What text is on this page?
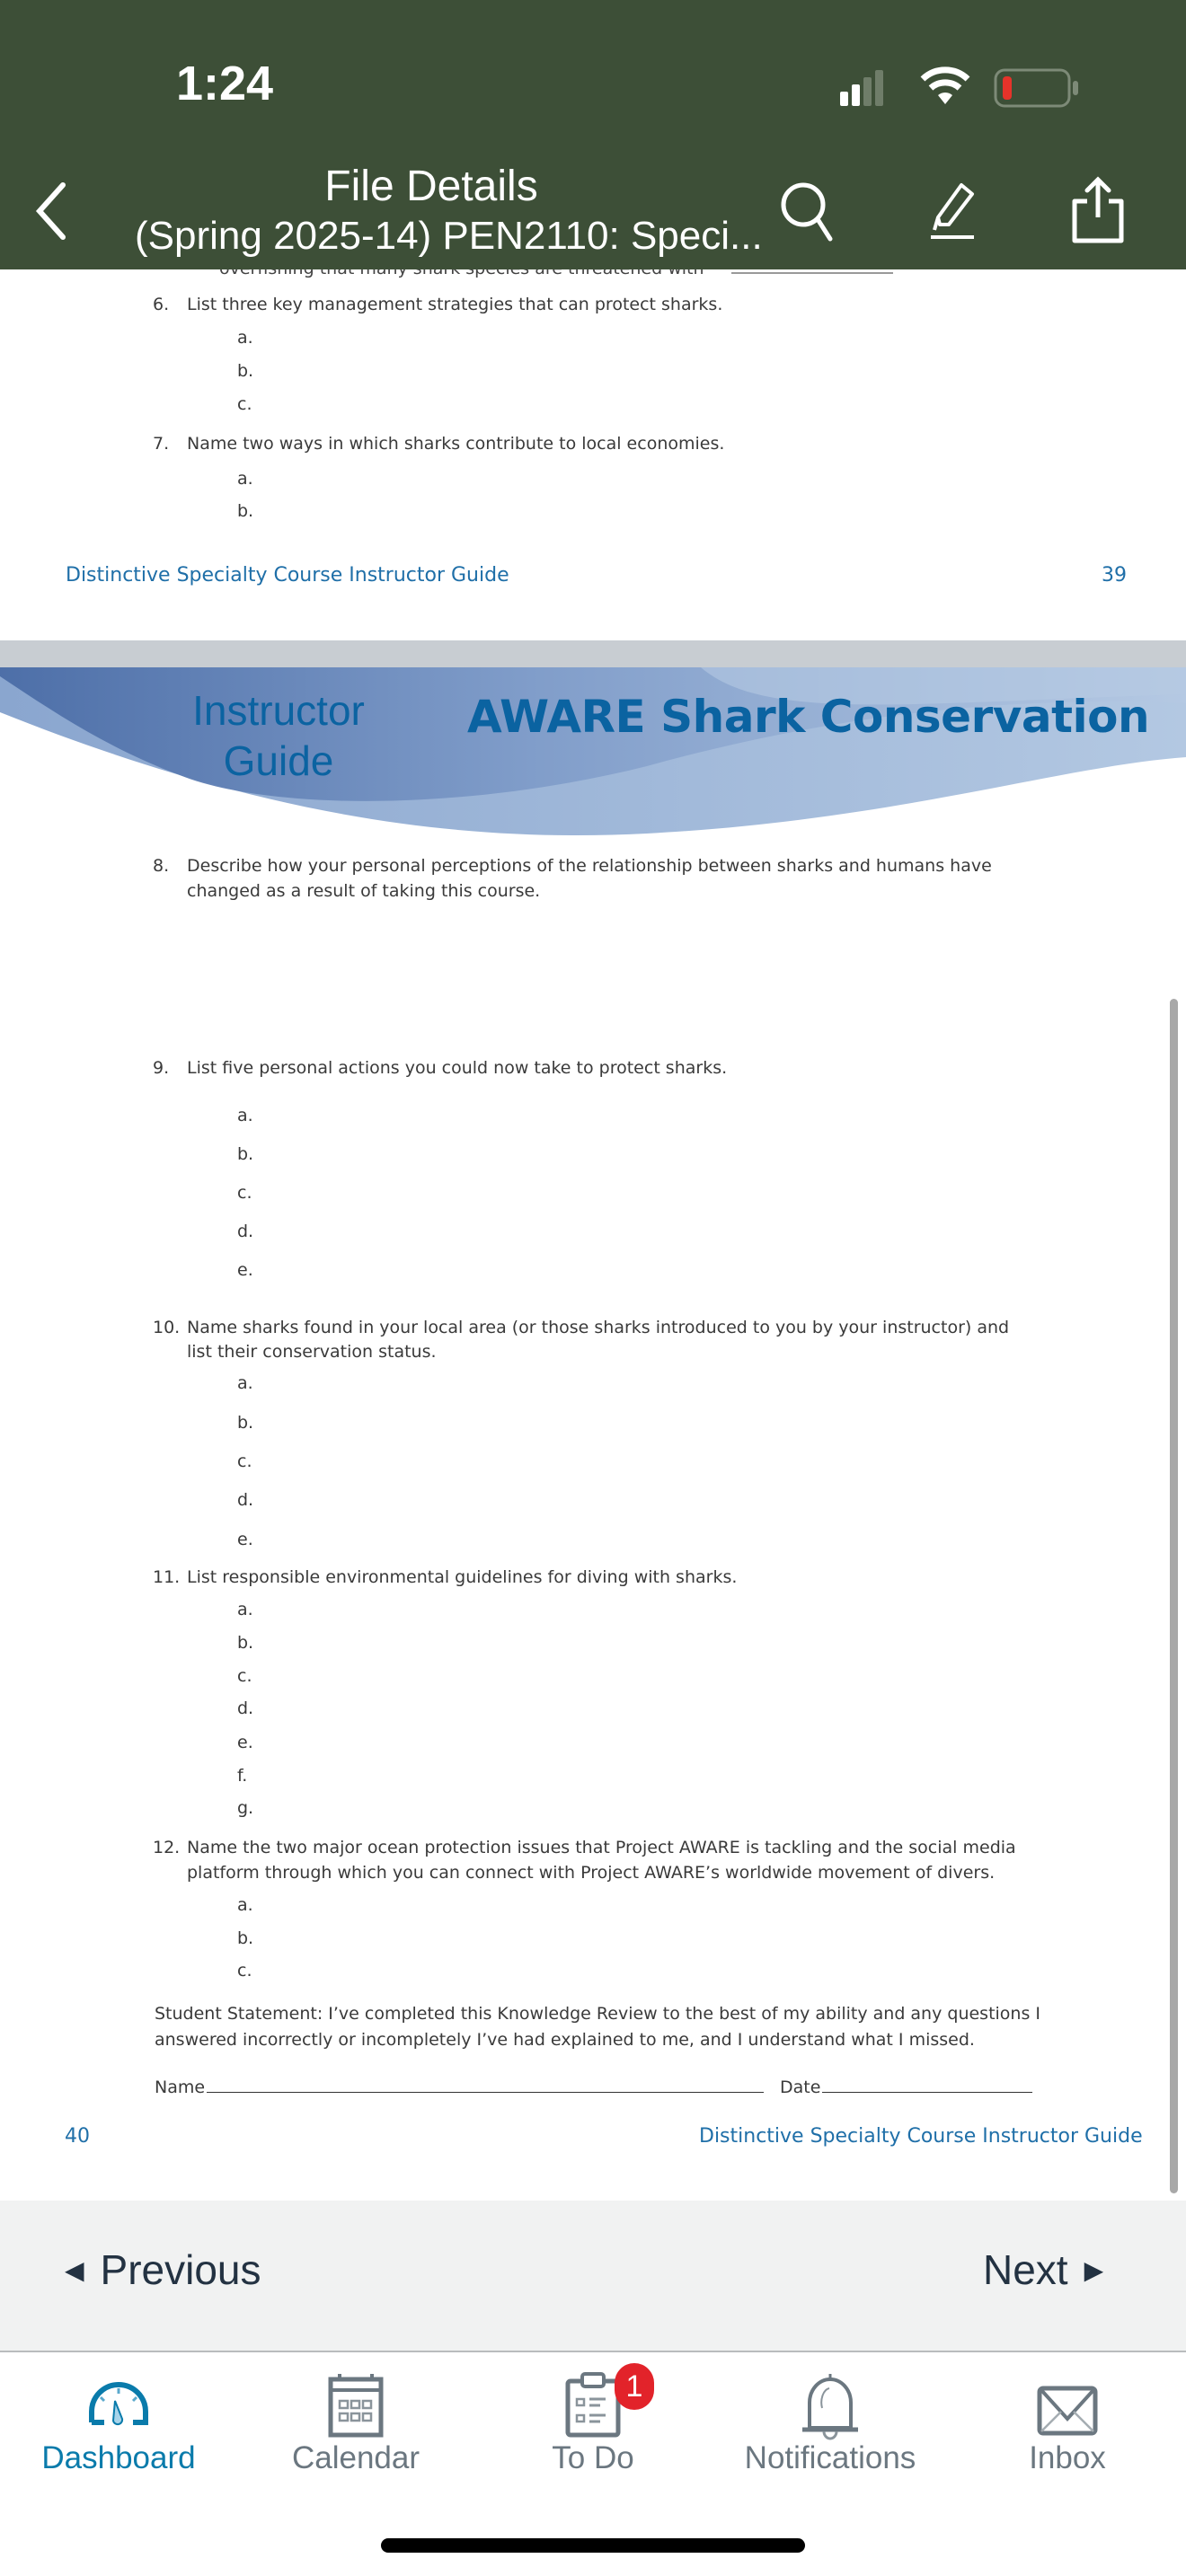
6. List three key management strategies that can protect sharks.
a.
b.
c.
7. Name two ways in which sharks contribute to local economies.
a.
b.
Distinctive Specialty Course Instructor Guide	39
Instructor
Guide
AWARE Shark Conservation
8. Describe how your personal perceptions of the relationship between sharks and humans have
changed as a result of taking this course.
9. List five personal actions you could now take to protect sharks.
a.
b.
c.
d.
e.
10. Name sharks found in your local area (or those sharks introduced to you by your instructor) and
list their conservation status.
a.
b.
c.
d.
e.
11. List responsible environmental guidelines for diving with sharks.
a.
b.
c.
d.
e.
f.
g.
12. Name the two major ocean protection issues that Project AWARE is tackling and the social media
platform through which you can connect with Project AWARE’s worldwide movement of divers.
a.
b.
c.
Student Statement: I’ve completed this Knowledge Review to the best of my ability and any questions I
answered incorrectly or incompletely I’ve had explained to me, and I understand what I missed.
Name	Date
40	Distinctive Specialty Course Instructor Guide
1:24
File Details
(Spring 2025-14) PEN2110: Speci...
◀ Previous	Next ▶
Dashboard	Calendar
1
To Do	Notifications	Inbox
